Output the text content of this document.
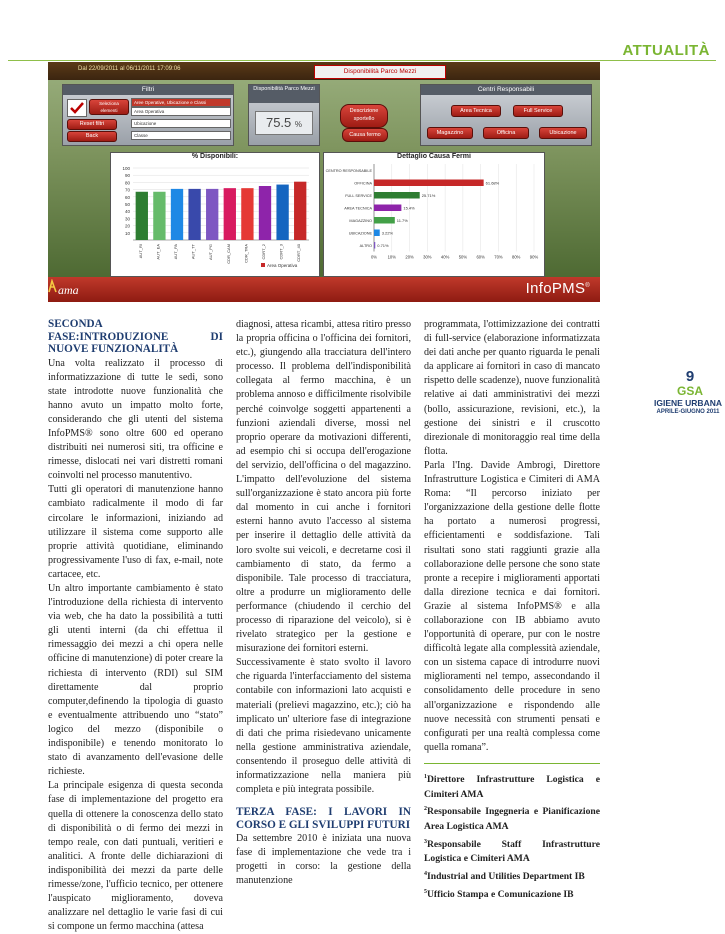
ATTUALITÀ
Dal 22/09/2011 al 06/11/2011 17:09:06	Disponibilità Parco Mezzi
Filtri
Seleziona elementi
Reset filtri
Back
Aree Operative, Ubicazione e Classi
Area Operativa
Ubicazione
Classe
Disponibilità Parco Mezzi
75.5 %
Descrizione sportello
Causa fermo
Centri Responsabili
Area Tecnica	Full Service
Magazzino	Officina	Ubicazione
% Disponibili:
100
90
80
70
60
50
40
30
20
10
AUT_RI	AUT_EA	AUT_PA	AUT_TT	AUT_PG	CDR_CAM	CDR_TRA	CDRT_2	CDRT_3	CDRT_40
Area Operativa
Dettaglio Causa Fermi
0%	10% 20% 30% 40% 50% 60% 70% 80% 90%
CENTRO RESPONSABILE
OFFICINA	61.68%
FULL SERVICE	25.71%
AREA TECNICA	15.4%
MAGAZZINO	11.7%
UBICAZIONE 3.22%
ALTRO 0.71%
ama	InfoPMS®
SECONDA FASE:INTRODUZIONE DI NUOVE FUNZIONALITÀ

Una volta realizzato il processo di informatizzazione di tutte le sedi, sono state introdotte nuove funzionalità che hanno avuto un impatto molto forte, considerando che gli utenti del sistema InfoPMS® sono oltre 600 ed operano distribuiti nei numerosi siti, tra officine e rimesse, dislocati nei vari distretti romani coinvolti nel processo manutentivo.

Tutti gli operatori di manutenzione hanno cambiato radicalmente il modo di far circolare le informazioni, iniziando ad utilizzare il sistema come supporto alle proprie attività quotidiane, eliminando progressivamente l'uso di fax, e-mail, note cartacee, etc.

Un altro importante cambiamento è stato l'introduzione della richiesta di intervento via web, che ha dato la possibilità a tutti gli utenti interni (da chi effettua il rimessaggio dei mezzi a chi opera nelle officine di manutenzione) di poter creare la richiesta di intervento (RDI) sul SIM direttamente dal proprio computer,definendo la tipologia di guasto e eventualmente attribuendo uno “stato” logico del mezzo (disponibile o indisponibile) e tenendo monitorato lo stato di avanzamento dell'evasione delle richieste.

La principale esigenza di questa seconda fase di implementazione del progetto era quella di ottenere la conoscenza dello stato di disponibilità o di fermo dei mezzi in tempo reale, con dati puntuali, veritieri e analitici. A fronte delle dichiarazioni di indisponibilità dei mezzi da parte delle rimesse/zone, l'ufficio tecnico, per ottenere l'auspicato miglioramento, doveva analizzare nel dettaglio le varie fasi di cui si compone un fermo macchina (attesa

diagnosi, attesa ricambi, attesa ritiro presso la propria officina o l'officina dei fornitori, etc.), giungendo alla tracciatura dell'intero processo. Il problema dell'indisponibilità collegata al fermo macchina, è un problema annoso e difficilmente risolvibile perché coinvolge soggetti appartenenti a funzioni aziendali diverse, mossi nel proprio operare da motivazioni differenti, ad esempio chi si occupa dell'erogazione del servizio, dell'officina o del magazzino. L'impatto dell'evoluzione del sistema sull'organizzazione è stato ancora più forte dal momento in cui anche i fornitori esterni hanno avuto l'accesso al sistema per inserire il dettaglio delle attività da loro svolte sui veicoli, e decretarne così il cambiamento di stato, da fermo a disponibile. Tale processo di tracciatura, oltre a produrre un miglioramento delle performance (chiudendo il cerchio del processo di riparazione del veicolo), si è rivelato strategico per la gestione e misurazione dei fornitori esterni.

Successivamente è stato svolto il lavoro che riguarda l'interfacciamento del sistema contabile con informazioni lato acquisti e materiali (prelievi magazzino, etc.); ciò ha implicato un' ulteriore fase di integrazione di dati che prima risiedevano unicamente nella gestione amministrativa aziendale, consentendo il proseguo delle attività di informatizzazione nella maniera più completa e più integrata possibile.

TERZA FASE: I LAVORI IN CORSO E GLI SVILUPPI FUTURI

Da settembre 2010 è iniziata una nuova fase di implementazione che vede tra i progetti in corso: la gestione della manutenzione

programmata, l'ottimizzazione dei contratti di full-service (elaborazione informatizzata dei dati anche per quanto riguarda le penali da applicare ai fornitori in caso di mancato rispetto delle scadenze), nuove funzionalità relative ai dati amministrativi dei mezzi (bollo, assicurazione, revisioni, etc.), la gestione dei sinistri e il cruscotto direzionale di monitoraggio real time della flotta.

Parla l'Ing. Davide Ambrogi, Direttore Infrastrutture Logistica e Cimiteri di AMA Roma: “Il percorso iniziato per l'organizzazione della gestione delle flotte ha portato a numerosi progressi, efficientamenti e soddisfazione. Tali risultati sono stati raggiunti grazie alla collaborazione delle persone che sono state pronte a recepire i miglioramenti apportati dalla direzione tecnica e dai fornitori. Grazie al sistema InfoPMS® e alla collaborazione con IB abbiamo avuto l'opportunità di operare, pur con le nostre difficoltà legate alla complessità aziendale, con un sistema capace di introdurre nuovi miglioramenti nel tempo, assecondando il consolidamento delle procedure in seno all'organizzazione e rispondendo alle nuove necessità con strumenti pensati e configurati per una realtà complessa come quella romana”.

$^1$Direttore Infrastrutture Logistica e Cimiteri AMA
$^2$Responsabile Ingegneria e Pianificazione Area Logistica AMA
$^3$Responsabile Staff Infrastrutture Logistica e Cimiteri AMA
$^4$Industrial and Utilities Department IB
$^5$Ufficio Stampa e Comunicazione IB
9
GSA
IGIENE URBANA
APRILE-GIUGNO 2011
